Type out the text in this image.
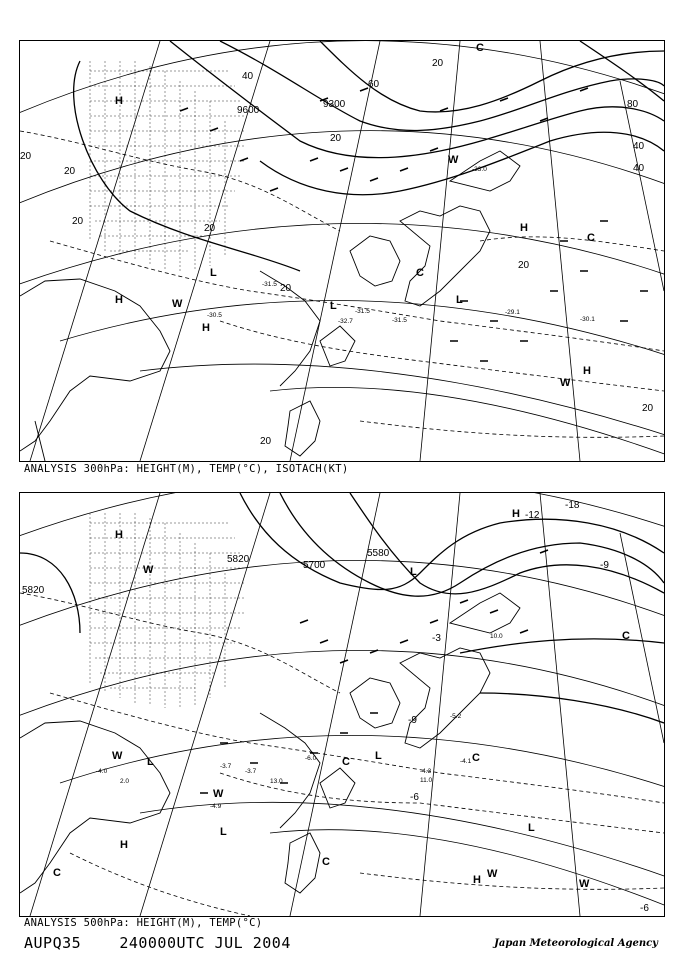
9600
9300
20
20
20
20
20
20
20
40
40
60
80
40
20
20
20
H
H
H
H
L
L	L
C
C
W
W
W
H
C
-31.5
-32.7
-29.1
-30.1
-31.5
-30.5
-31.5
-33.0
ANALYSIS 300hPa: HEIGHT(M), TEMP(°C), ISOTACH(KT)
5820
5820
5700
5580
-3
-6
-9
-6
-9
-12
-18
H
W	L
W L	C L	C
W
H
L
C
C
H W
W
C
L
H
-4.0
-3.7
-6.0
-4.9
13.0
-4.3
11.0
-3.7
2.0
-4.1
-5.2
10.0
ANALYSIS 500hPa: HEIGHT(M), TEMP(°C)
AUPQ35	240000UTC JUL 2004	Japan Meteorological Agency
